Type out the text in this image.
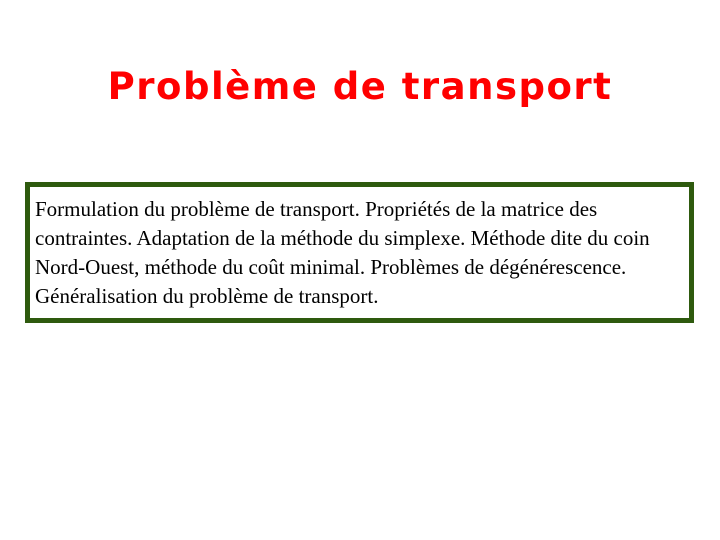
Problème de transport

Formulation du problème de transport. Propriétés de la matrice des contraintes. Adaptation de la méthode du simplexe. Méthode dite du coin Nord-Ouest, méthode du coût minimal. Problèmes de dégénérescence. Généralisation du problème de transport.
